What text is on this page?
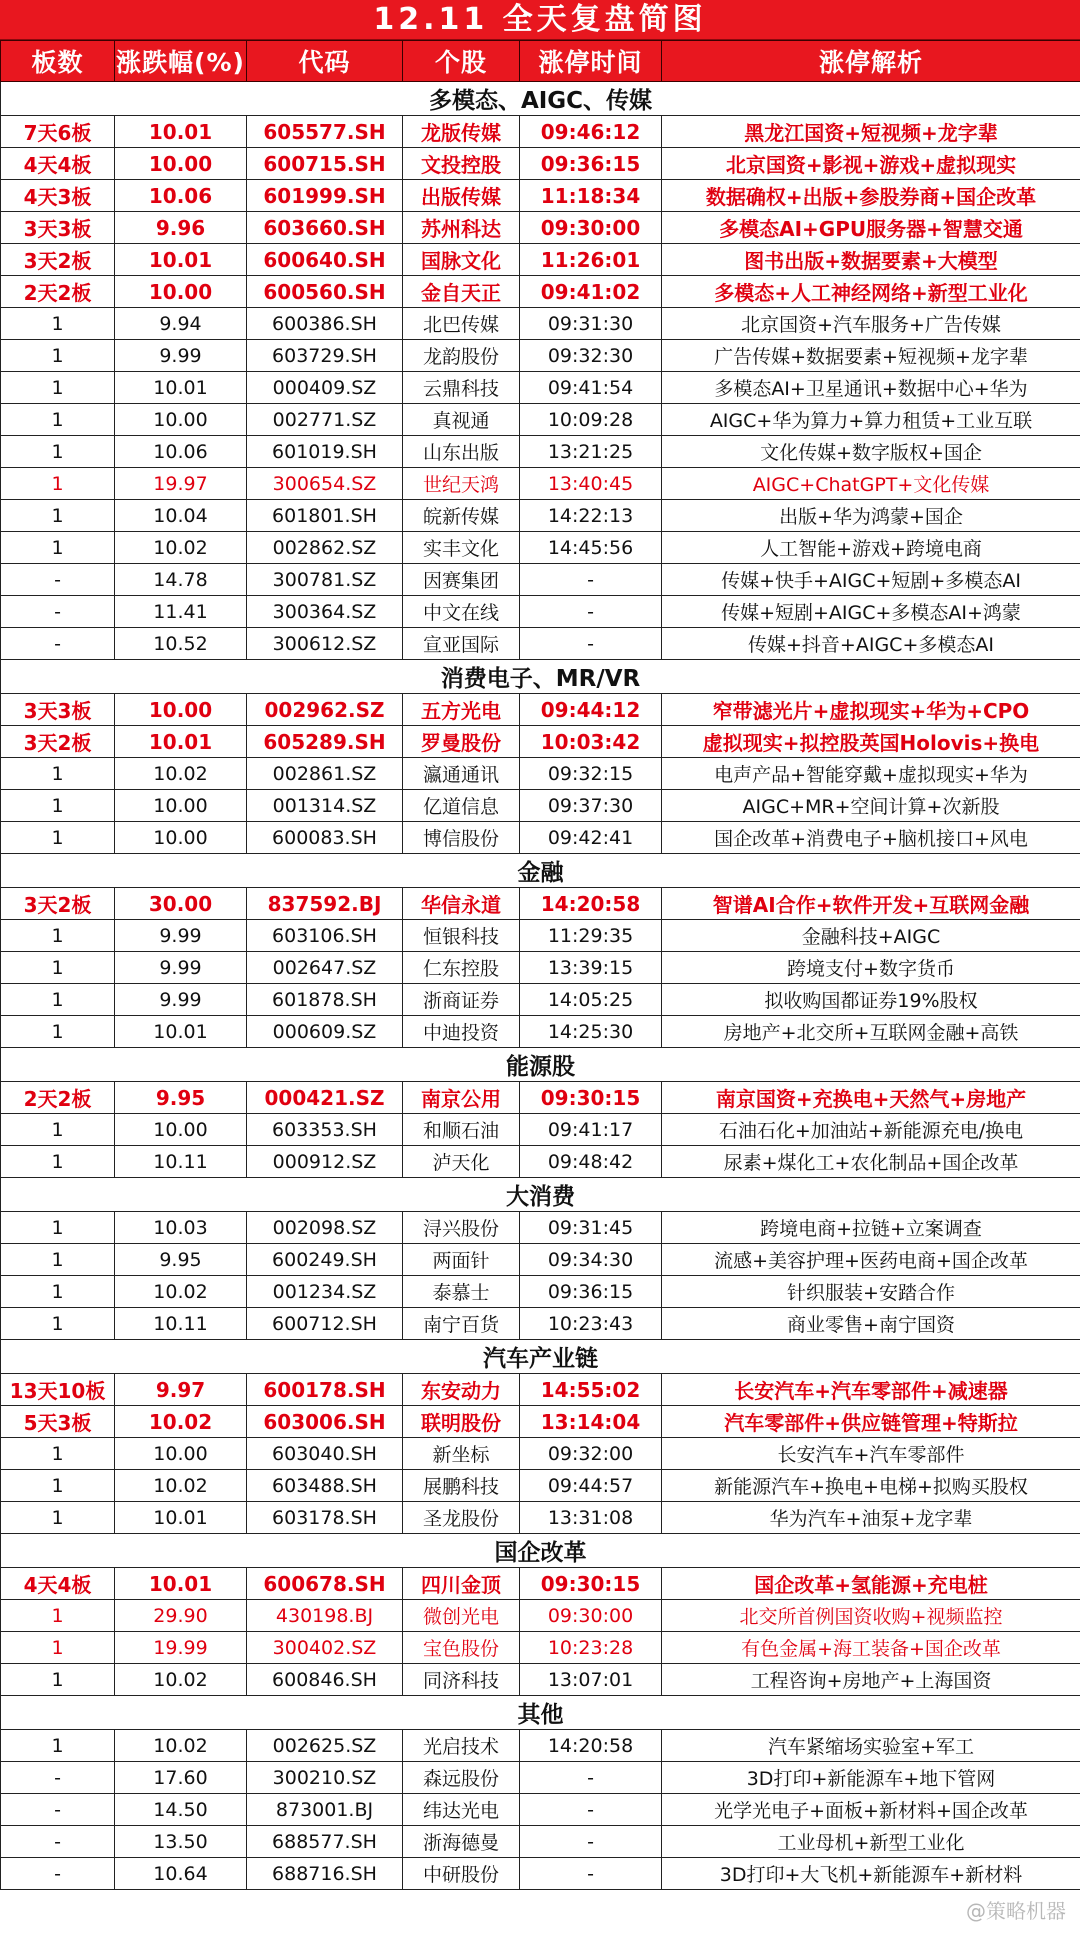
12.11 全天复盘简图
板数	涨跌幅(%)	代码	个股	涨停时间	涨停解析
多模态、AIGC、传媒					
7天6板	10.01	605577.SH	龙版传媒	09:46:12	黑龙江国资+短视频+龙字辈
4天4板	10.00	600715.SH	文投控股	09:36:15	北京国资+影视+游戏+虚拟现实
4天3板	10.06	601999.SH	出版传媒	11:18:34	数据确权+出版+参股券商+国企改革
3天3板	9.96	603660.SH	苏州科达	09:30:00	多模态AI+GPU服务器+智慧交通
3天2板	10.01	600640.SH	国脉文化	11:26:01	图书出版+数据要素+大模型
2天2板	10.00	600560.SH	金自天正	09:41:02	多模态+人工神经网络+新型工业化
1	9.94	600386.SH	北巴传媒	09:31:30	北京国资+汽车服务+广告传媒
1	9.99	603729.SH	龙韵股份	09:32:30	广告传媒+数据要素+短视频+龙字辈
1	10.01	000409.SZ	云鼎科技	09:41:54	多模态AI+卫星通讯+数据中心+华为
1	10.00	002771.SZ	真视通	10:09:28	AIGC+华为算力+算力租赁+工业互联
1	10.06	601019.SH	山东出版	13:21:25	文化传媒+数字版权+国企
1	19.97	300654.SZ	世纪天鸿	13:40:45	AIGC+ChatGPT+文化传媒
1	10.04	601801.SH	皖新传媒	14:22:13	出版+华为鸿蒙+国企
1	10.02	002862.SZ	实丰文化	14:45:56	人工智能+游戏+跨境电商
-	14.78	300781.SZ	因赛集团	-	传媒+快手+AIGC+短剧+多模态AI
-	11.41	300364.SZ	中文在线	-	传媒+短剧+AIGC+多模态AI+鸿蒙
-	10.52	300612.SZ	宣亚国际	-	传媒+抖音+AIGC+多模态AI
消费电子、MR/VR					
3天3板	10.00	002962.SZ	五方光电	09:44:12	窄带滤光片+虚拟现实+华为+CPO
3天2板	10.01	605289.SH	罗曼股份	10:03:42	虚拟现实+拟控股英国Holovis+换电
1	10.02	002861.SZ	瀛通通讯	09:32:15	电声产品+智能穿戴+虚拟现实+华为
1	10.00	001314.SZ	亿道信息	09:37:30	AIGC+MR+空间计算+次新股
1	10.00	600083.SH	博信股份	09:42:41	国企改革+消费电子+脑机接口+风电
金融					
3天2板	30.00	837592.BJ	华信永道	14:20:58	智谱AI合作+软件开发+互联网金融
1	9.99	603106.SH	恒银科技	11:29:35	金融科技+AIGC
1	9.99	002647.SZ	仁东控股	13:39:15	跨境支付+数字货币
1	9.99	601878.SH	浙商证券	14:05:25	拟收购国都证券19%股权
1	10.01	000609.SZ	中迪投资	14:25:30	房地产+北交所+互联网金融+高铁
能源股					
2天2板	9.95	000421.SZ	南京公用	09:30:15	南京国资+充换电+天然气+房地产
1	10.00	603353.SH	和顺石油	09:41:17	石油石化+加油站+新能源充电/换电
1	10.11	000912.SZ	泸天化	09:48:42	尿素+煤化工+农化制品+国企改革
大消费					
1	10.03	002098.SZ	浔兴股份	09:31:45	跨境电商+拉链+立案调查
1	9.95	600249.SH	两面针	09:34:30	流感+美容护理+医药电商+国企改革
1	10.02	001234.SZ	泰慕士	09:36:15	针织服装+安踏合作
1	10.11	600712.SH	南宁百货	10:23:43	商业零售+南宁国资
汽车产业链					
13天10板	9.97	600178.SH	东安动力	14:55:02	长安汽车+汽车零部件+减速器
5天3板	10.02	603006.SH	联明股份	13:14:04	汽车零部件+供应链管理+特斯拉
1	10.00	603040.SH	新坐标	09:32:00	长安汽车+汽车零部件
1	10.02	603488.SH	展鹏科技	09:44:57	新能源汽车+换电+电梯+拟购买股权
1	10.01	603178.SH	圣龙股份	13:31:08	华为汽车+油泵+龙字辈
国企改革					
4天4板	10.01	600678.SH	四川金顶	09:30:15	国企改革+氢能源+充电桩
1	29.90	430198.BJ	微创光电	09:30:00	北交所首例国资收购+视频监控
1	19.99	300402.SZ	宝色股份	10:23:28	有色金属+海工装备+国企改革
1	10.02	600846.SH	同济科技	13:07:01	工程咨询+房地产+上海国资
其他					
1	10.02	002625.SZ	光启技术	14:20:58	汽车紧缩场实验室+军工
-	17.60	300210.SZ	森远股份	-	3D打印+新能源车+地下管网
-	14.50	873001.BJ	纬达光电	-	光学光电子+面板+新材料+国企改革
-	13.50	688577.SH	浙海德曼	-	工业母机+新型工业化
-	10.64	688716.SH	中研股份	-	3D打印+大飞机+新能源车+新材料
@策略机器
